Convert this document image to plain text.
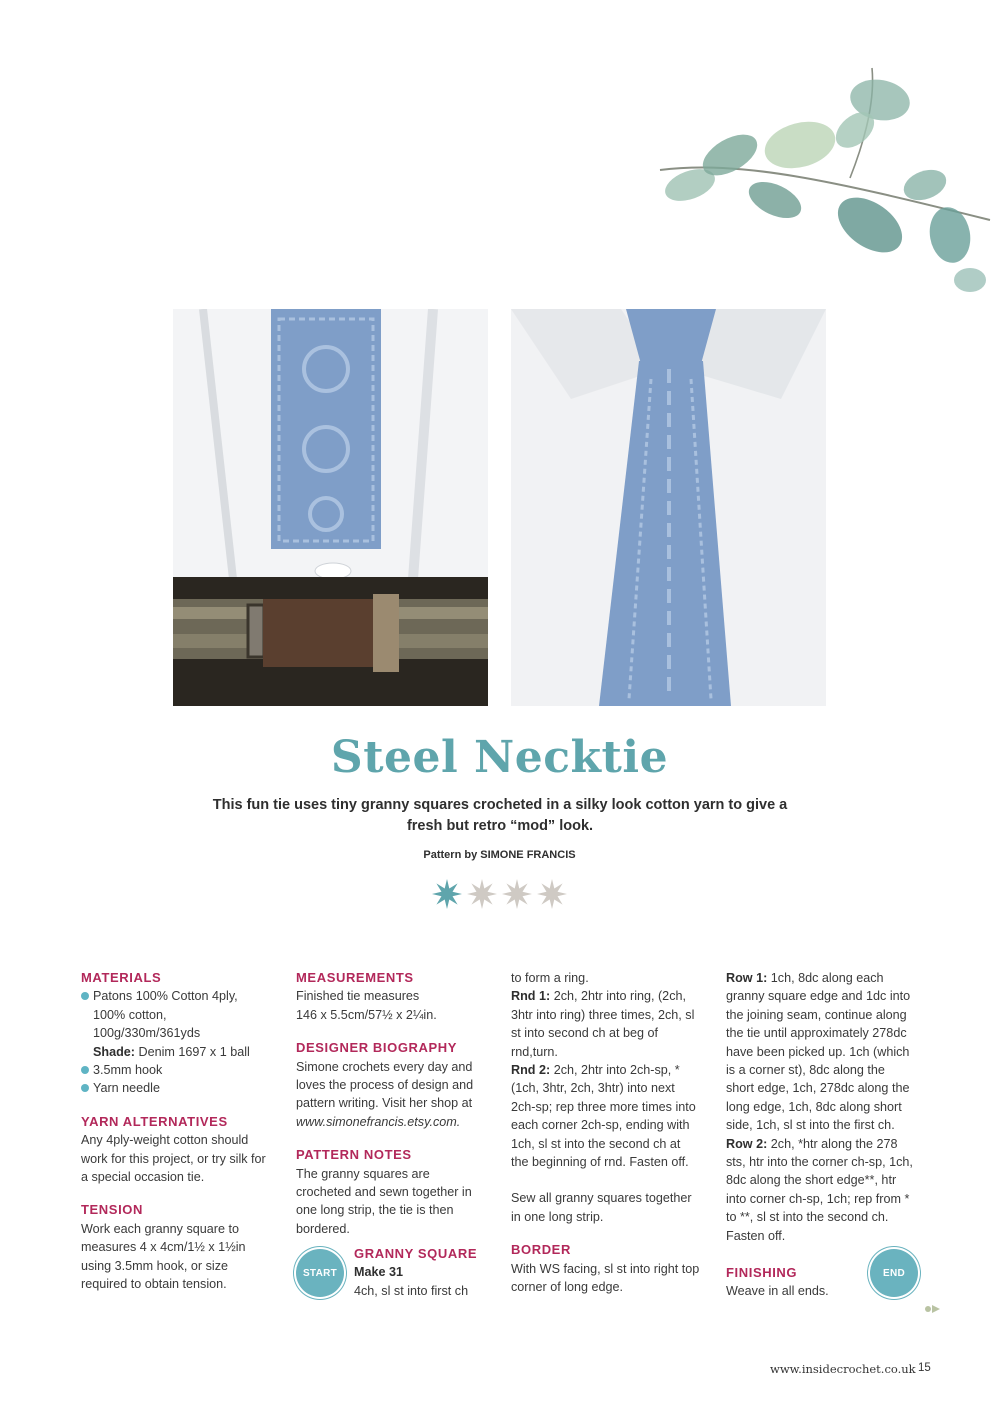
Steel Necktie
This fun tie uses tiny granny squares crocheted in a silky look cotton yarn to give a fresh but retro “mod” look.
Pattern by SIMONE FRANCIS
MATERIALS
Patons 100% Cotton 4ply,
100% cotton,
100g/330m/361yds
Shade: Denim 1697 x 1 ball
3.5mm hook
Yarn needle
YARN ALTERNATIVES

Any 4ply-weight cotton should work for this project, or try silk for a special occasion tie.

TENSION

Work each granny square to measures 4 x 4cm/1½ x 1½in using 3.5mm hook, or size required to obtain tension.

MEASUREMENTS
Finished tie measures
146 x 5.5cm/57½ x 2¼in.
DESIGNER BIOGRAPHY

Simone crochets every day and loves the process of design and pattern writing. Visit her shop at www.simonefrancis.etsy.com.

PATTERN NOTES

The granny squares are crocheted and sewn together in one long strip, the tie is then bordered.

START
GRANNY SQUARE
Make 31
4ch, sl st into first ch
to form a ring.

Rnd 1: 2ch, 2htr into ring, (2ch, 3htr into ring) three times, 2ch, sl st into second ch at beg of rnd,turn.

Rnd 2: 2ch, 2htr into 2ch-sp, *(1ch, 3htr, 2ch, 3htr) into next 2ch-sp; rep three more times into each corner 2ch-sp, ending with 1ch, sl st into the second ch at the beginning of rnd. Fasten off.

Sew all granny squares together in one long strip.

BORDER

With WS facing, sl st into right top corner of long edge.

Row 1: 1ch, 8dc along each granny square edge and 1dc into the joining seam, continue along the tie until approximately 278dc have been picked up. 1ch (which is a corner st), 8dc along the short edge, 1ch, 278dc along the long edge, 1ch, 8dc along short side, 1ch, sl st into the first ch.

Row 2: 2ch, *htr along the 278 sts, htr into the corner ch-sp, 1ch, 8dc along the short edge**, htr into corner ch-sp, 1ch; rep from * to **, sl st into the second ch. Fasten off.

FINISHING
Weave in all ends.
END
www.insidecrochet.co.uk 15
